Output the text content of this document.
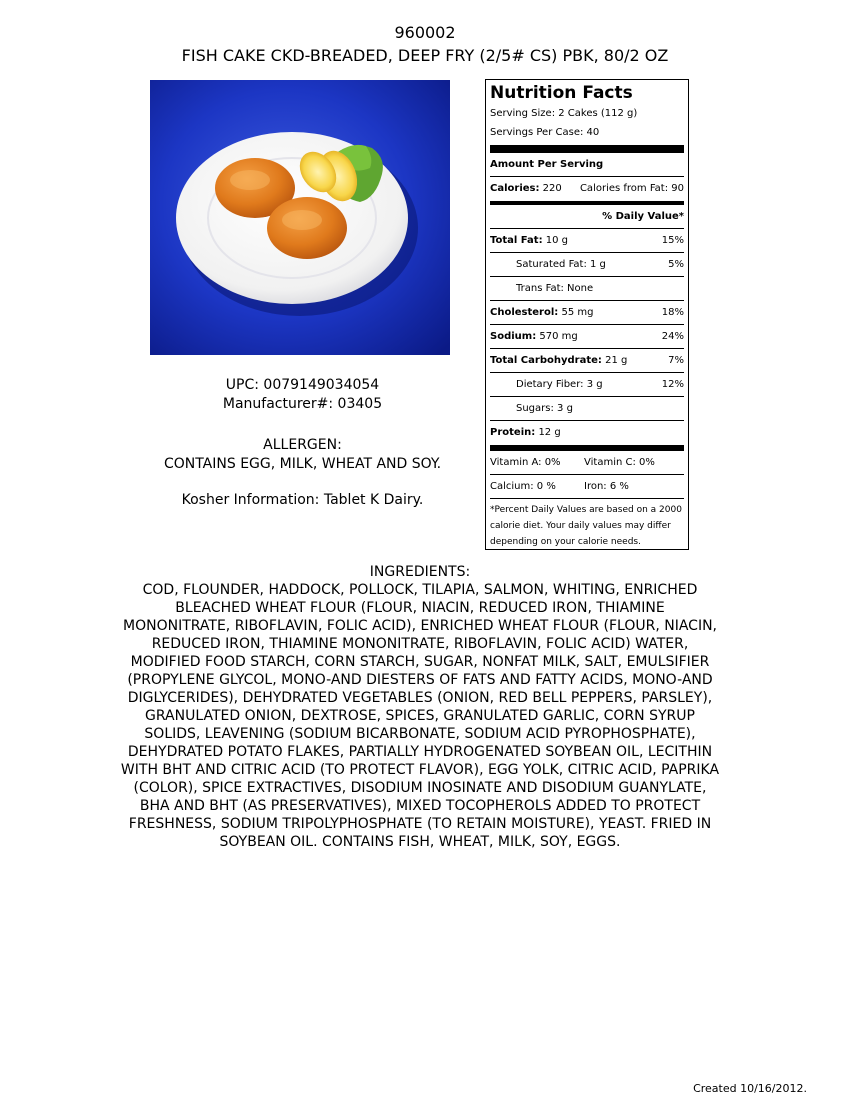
960002
FISH CAKE CKD-BREADED, DEEP FRY (2/5# CS) PBK, 80/2 OZ
UPC: 0079149034054
Manufacturer#: 03405
ALLERGEN:
CONTAINS EGG, MILK, WHEAT AND SOY.
Kosher Information: Tablet K Dairy.
Nutrition Facts
Serving Size: 2 Cakes (112 g)
Servings Per Case: 40
Amount Per Serving
Calories: 220 Calories from Fat: 90
% Daily Value*
Total Fat: 10 g	15%
Saturated Fat: 1 g	5%
Trans Fat: None
Cholesterol: 55 mg	18%
Sodium: 570 mg	24%
Total Carbohydrate: 21 g	7%
Dietary Fiber: 3 g	12%
Sugars: 3 g
Protein: 12 g
Vitamin A: 0% Vitamin C: 0%
Calcium: 0 %	Iron: 6 %
*Percent Daily Values are based on a 2000 calorie diet. Your daily values may differ depending on your calorie needs.
INGREDIENTS:
COD, FLOUNDER, HADDOCK, POLLOCK, TILAPIA, SALMON, WHITING, ENRICHED BLEACHED WHEAT FLOUR (FLOUR, NIACIN, REDUCED IRON, THIAMINE MONONITRATE, RIBOFLAVIN, FOLIC ACID), ENRICHED WHEAT FLOUR (FLOUR, NIACIN, REDUCED IRON, THIAMINE MONONITRATE, RIBOFLAVIN, FOLIC ACID) WATER, MODIFIED FOOD STARCH, CORN STARCH, SUGAR, NONFAT MILK, SALT, EMULSIFIER (PROPYLENE GLYCOL, MONO-AND DIESTERS OF FATS AND FATTY ACIDS, MONO-AND DIGLYCERIDES), DEHYDRATED VEGETABLES (ONION, RED BELL PEPPERS, PARSLEY), GRANULATED ONION, DEXTROSE, SPICES, GRANULATED GARLIC, CORN SYRUP SOLIDS, LEAVENING (SODIUM BICARBONATE, SODIUM ACID PYROPHOSPHATE), DEHYDRATED POTATO FLAKES, PARTIALLY HYDROGENATED SOYBEAN OIL, LECITHIN WITH BHT AND CITRIC ACID (TO PROTECT FLAVOR), EGG YOLK, CITRIC ACID, PAPRIKA (COLOR), SPICE EXTRACTIVES, DISODIUM INOSINATE AND DISODIUM GUANYLATE, BHA AND BHT (AS PRESERVATIVES), MIXED TOCOPHEROLS ADDED TO PROTECT FRESHNESS, SODIUM TRIPOLYPHOSPHATE (TO RETAIN MOISTURE), YEAST. FRIED IN SOYBEAN OIL. CONTAINS FISH, WHEAT, MILK, SOY, EGGS.
Created 10/16/2012.
